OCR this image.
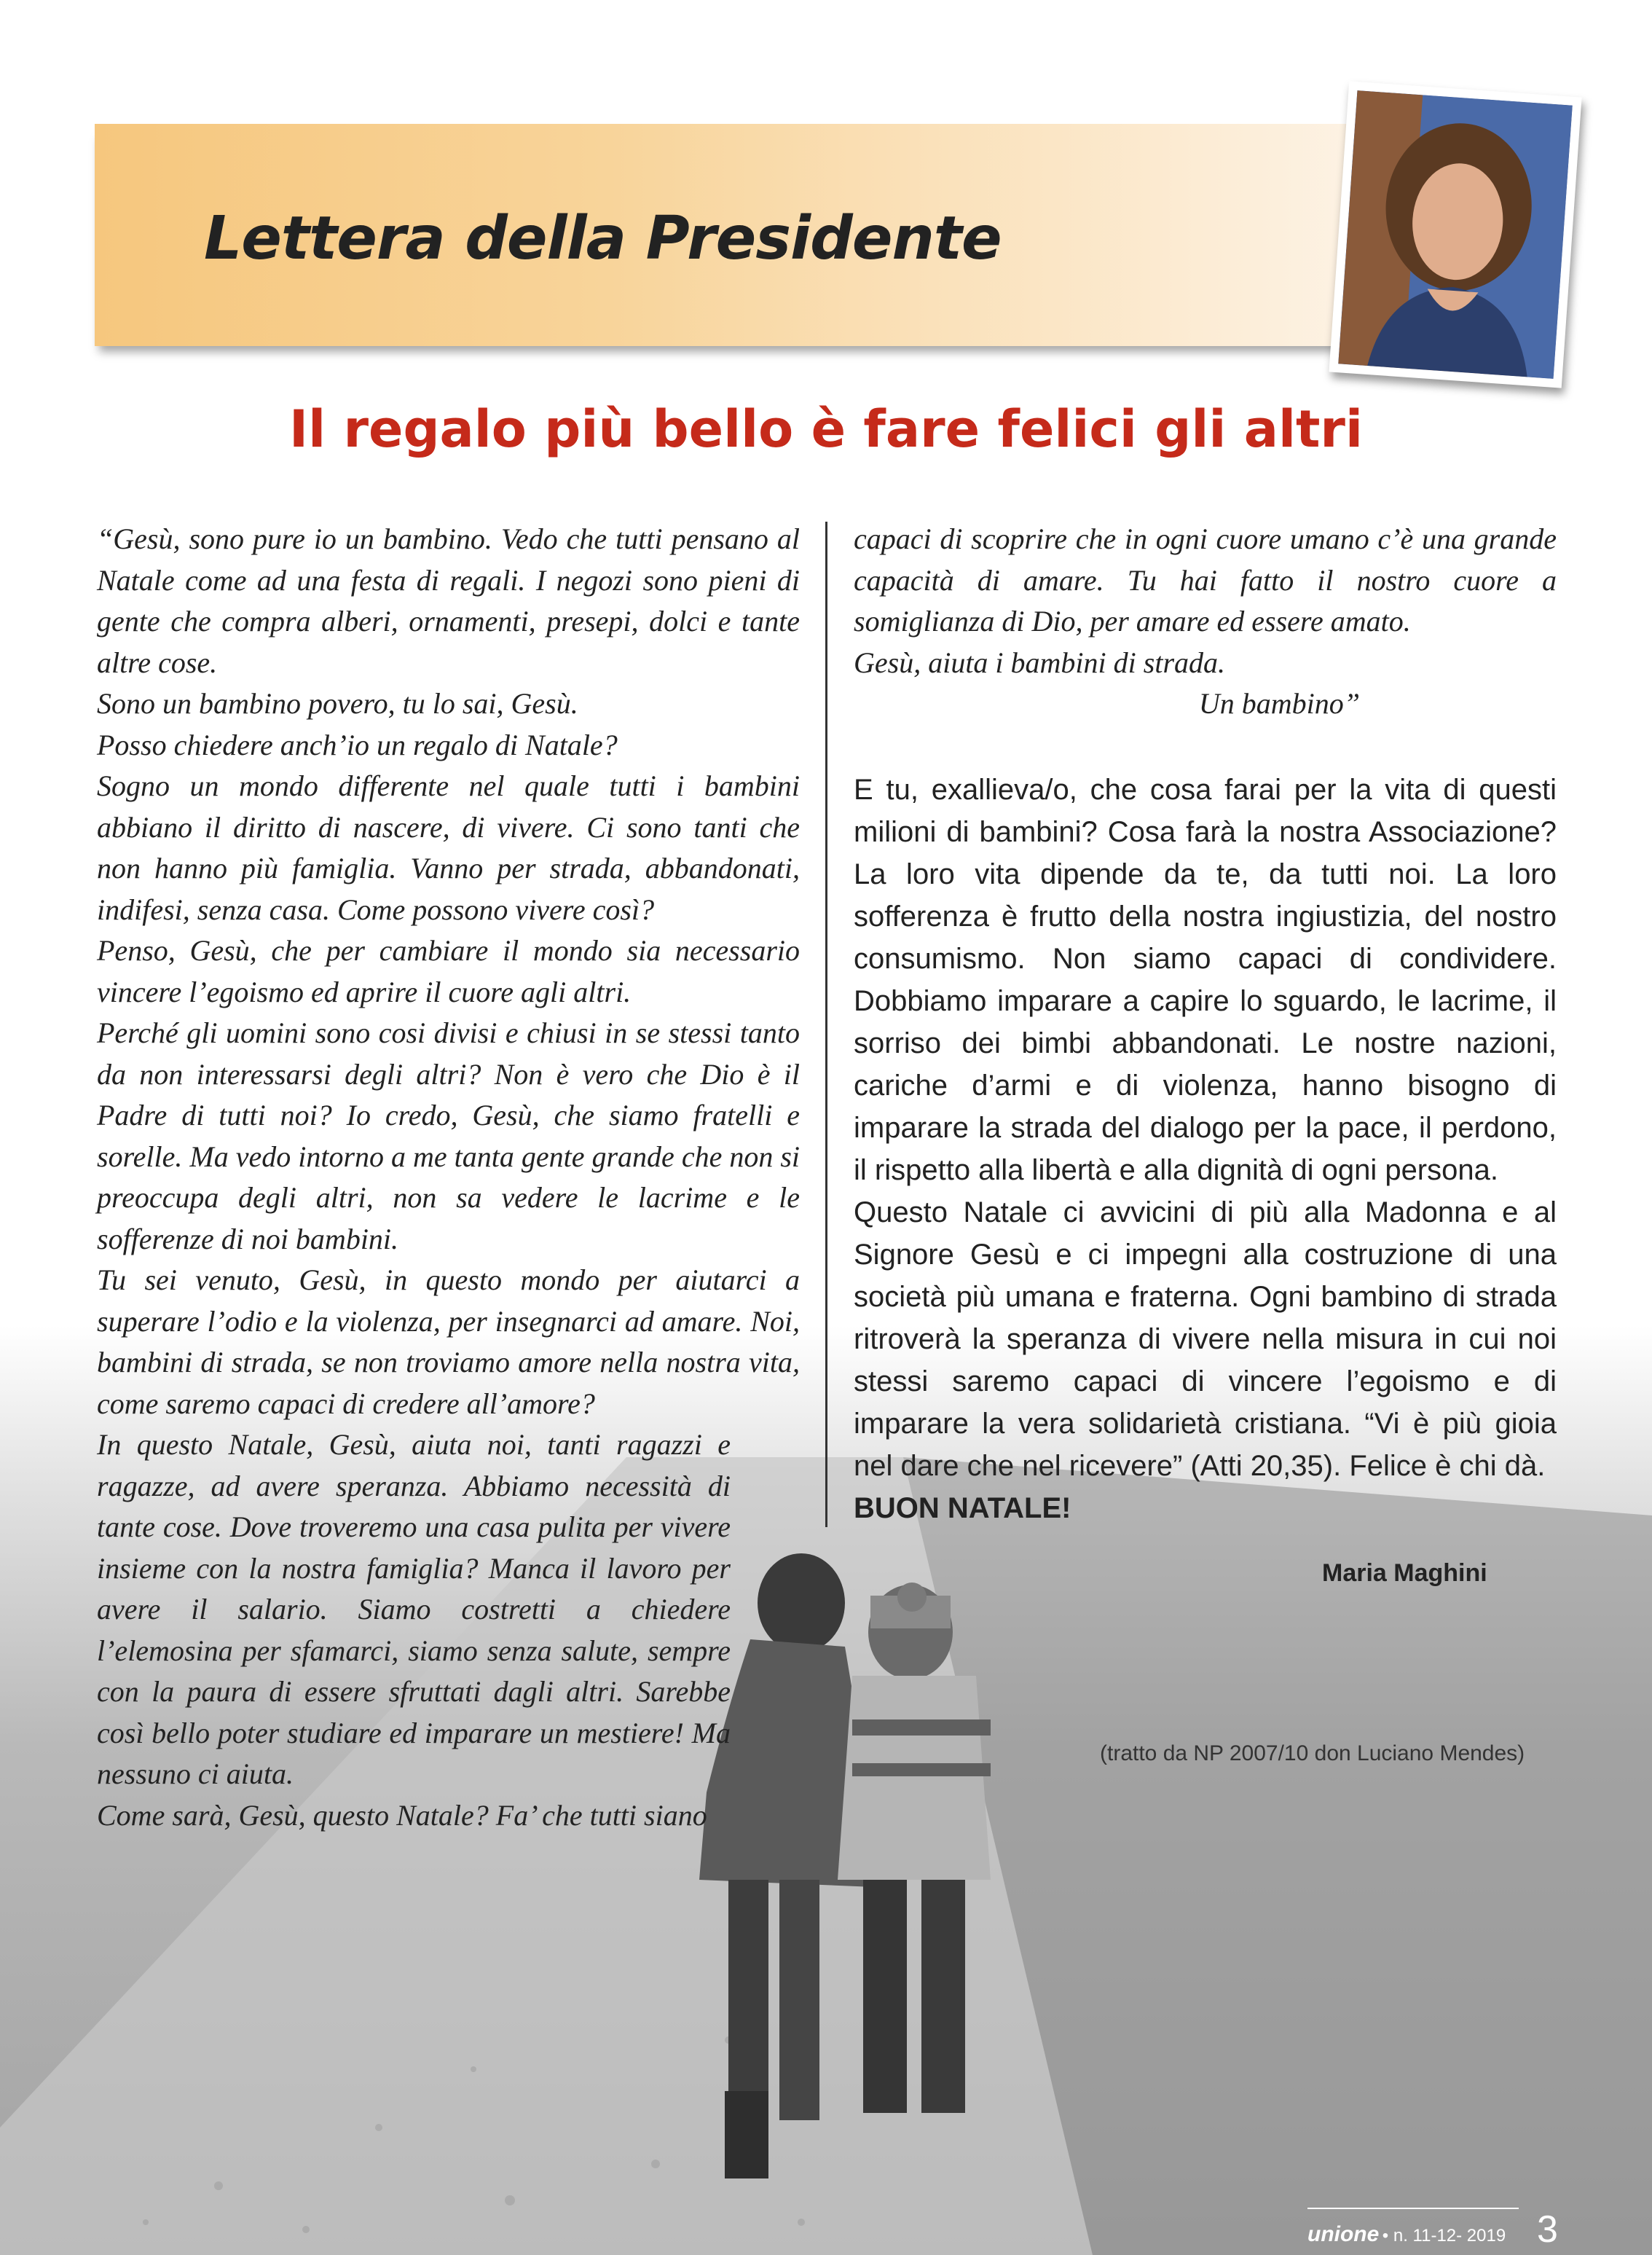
Lettera della Presidente
Il regalo più bello è fare felici gli altri

“Gesù, sono pure io un bambino. Vedo che tutti pensano al Natale come ad una festa di regali. I negozi sono pieni di gente che compra alberi, ornamenti, presepi, dolci e tante altre cose.

Sono un bambino povero, tu lo sai, Gesù.

Posso chiedere anch’io un regalo di Natale?

Sogno un mondo differente nel quale tutti i bambini abbiano il diritto di nascere, di vivere. Ci sono tanti che non hanno più famiglia. Vanno per strada, abbandonati, indifesi, senza casa. Come possono vivere così?

Penso, Gesù, che per cambiare il mondo sia necessario vincere l’egoismo ed aprire il cuore agli altri.

Perché gli uomini sono cosi divisi e chiusi in se stessi tanto da non interessarsi degli altri? Non è vero che Dio è il Padre di tutti noi? Io credo, Gesù, che siamo fratelli e sorelle. Ma vedo intorno a me tanta gente grande che non si preoccupa degli altri, non sa vedere le lacrime e le sofferenze di noi bambini.

Tu sei venuto, Gesù, in questo mondo per aiutarci a superare l’odio e la violenza, per insegnarci ad amare. Noi, bambini di strada, se non troviamo amore nella nostra vita, come saremo capaci di credere all’amore?

In questo Natale, Gesù, aiuta noi, tanti ragazzi e ragazze, ad avere speranza. Abbiamo necessità di tante cose. Dove troveremo una casa pulita per vivere insieme con la nostra famiglia? Manca il lavoro per avere il salario. Siamo costretti a chiedere l’elemosina per sfamarci, siamo senza salute, sempre con la paura di essere sfruttati dagli altri. Sarebbe così bello poter studiare ed imparare un mestiere! Ma nessuno ci aiuta.

Come sarà, Gesù, questo Natale? Fa’ che tutti siano

capaci di scoprire che in ogni cuore umano c’è una grande capacità di amare. Tu hai fatto il nostro cuore a somiglianza di Dio, per amare ed essere amato.

Gesù, aiuta i bambini di strada.

Un bambino”

E tu, exallieva/o, che cosa farai per la vita di questi milioni di bambini? Cosa farà la nostra Associazione? La loro vita dipende da te, da tutti noi. La loro sofferenza è frutto della nostra ingiustizia, del nostro consumismo. Non siamo capaci di condividere. Dobbiamo imparare a capire lo sguardo, le lacrime, il sorriso dei bimbi abbandonati. Le nostre nazioni, cariche d’armi e di violenza, hanno bisogno di imparare la strada del dialogo per la pace, il perdono, il rispetto alla libertà e alla dignità di ogni persona.

Questo Natale ci avvicini di più alla Madonna e al Signore Gesù e ci impegni alla costruzione di una società più umana e fraterna. Ogni bambino di strada ritroverà la speranza di vivere nella misura in cui noi stessi saremo capaci di vincere l’egoismo e di imparare la vera solidarietà cristiana. “Vi è più gioia nel dare che nel ricevere” (Atti 20,35). Felice è chi dà.

BUON NATALE!

Maria Maghini
(tratto da NP 2007/10 don Luciano Mendes)
unione • n. 11-12- 2019 3
